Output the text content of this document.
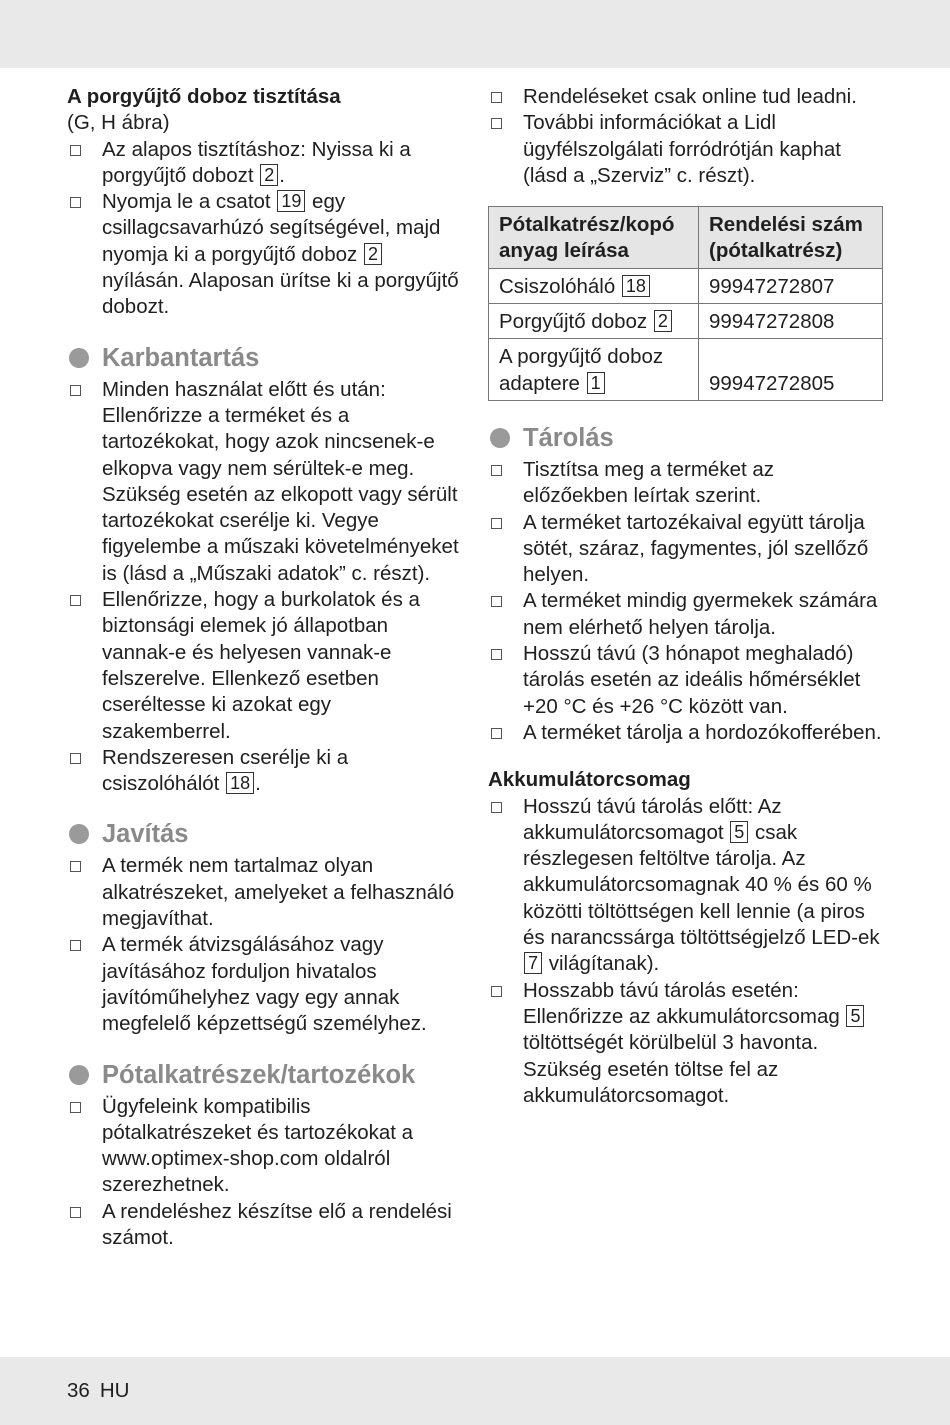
A porgyűjtő doboz tisztítása
(G, H ábra)
Az alapos tisztításhoz: Nyissa ki a porgyűjtő dobozt 2 .
Nyomja le a csatot 19 egy csillagcsavarhúzó segítségével, majd nyomja ki a porgyűjtő doboz 2 nyílásán. Alaposan ürítse ki a porgyűjtő dobozt.
Karbantartás
Minden használat előtt és után: Ellenőrizze a terméket és a tartozékokat, hogy azok nincsenek-e elkopva vagy nem sérültek-e meg. Szükség esetén az elkopott vagy sérült tartozékokat cserélje ki. Vegye figyelembe a műszaki követelményeket is (lásd a „Műszaki adatok” c. részt).
Ellenőrizze, hogy a burkolatok és a biztonsági elemek jó állapotban vannak-e és helyesen vannak-e felszerelve. Ellenkező esetben cseréltesse ki azokat egy szakemberrel.
Rendszeresen cserélje ki a csiszolóhálót 18 .
Javítás
A termék nem tartalmaz olyan alkatrészeket, amelyeket a felhasználó megjavíthat.
A termék átvizsgálásához vagy javításához forduljon hivatalos javítóműhelyhez vagy egy annak megfelelő képzettségű személyhez.
Pótalkatrészek/tartozékok
Ügyfeleink kompatibilis pótalkatrészeket és tartozékokat a www.optimex-shop.com oldalról szerezhetnek.
A rendeléshez készítse elő a rendelési számot.
Rendeléseket csak online tud leadni.
További információkat a Lidl ügyfélszolgálati forródrótján kaphat (lásd a „Szerviz” c. részt).
Pótalkatrész/kopó anyag leírása	Rendelési szám (pótalkatrész)
Csiszolóháló 18	99947272807
Porgyűjtő doboz 2	99947272808
A porgyűjtő doboz adaptere 1	99947272805
Tárolás
Tisztítsa meg a terméket az előzőekben leírtak szerint.
A terméket tartozékaival együtt tárolja sötét, száraz, fagymentes, jól szellőző helyen.
A terméket mindig gyermekek számára nem elérhető helyen tárolja.
Hosszú távú (3 hónapot meghaladó) tárolás esetén az ideális hőmérséklet +20 °C és +26 °C között van.
A terméket tárolja a hordozókofferében.
Akkumulátorcsomag
Hosszú távú tárolás előtt: Az akkumulátorcsomagot 5 csak részlegesen feltöltve tárolja. Az akkumulátorcsomagnak 40 % és 60 % közötti töltöttségen kell lennie (a piros és narancssárga töltöttségjelző LED-ek 7 világítanak).
Hosszabb távú tárolás esetén: Ellenőrizze az akkumulátorcsomag 5 töltöttségét körülbelül 3 havonta. Szükség esetén töltse fel az akkumulátorcsomagot.
36 HU
